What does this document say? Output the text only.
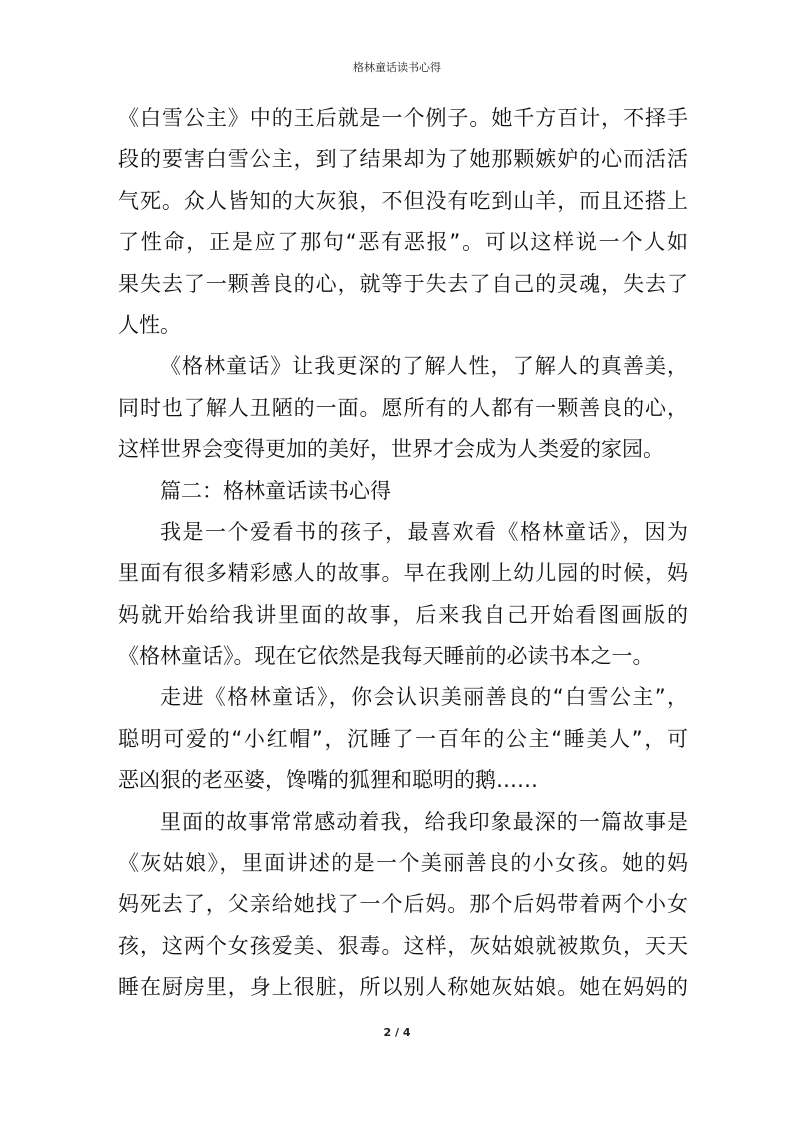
格林童话读书心得
《白雪公主》中的王后就是一个例子。她千方百计，不择手
段的要害白雪公主，到了结果却为了她那颗嫉妒的心而活活
气死。众人皆知的大灰狼，不但没有吃到山羊，而且还搭上
了性命，正是应了那句“恶有恶报”。可以这样说一个人如
果失去了一颗善良的心，就等于失去了自己的灵魂，失去了
人性。
《格林童话》让我更深的了解人性，了解人的真善美，
同时也了解人丑陋的一面。愿所有的人都有一颗善良的心，
这样世界会变得更加的美好，世界才会成为人类爱的家园。
篇二：格林童话读书心得
我是一个爱看书的孩子，最喜欢看《格林童话》，因为
里面有很多精彩感人的故事。早在我刚上幼儿园的时候，妈
妈就开始给我讲里面的故事，后来我自己开始看图画版的
《格林童话》。现在它依然是我每天睡前的必读书本之一。
走进《格林童话》，你会认识美丽善良的“白雪公主”，
聪明可爱的“小红帽”，沉睡了一百年的公主“睡美人”，可
恶凶狠的老巫婆，馋嘴的狐狸和聪明的鹅……
里面的故事常常感动着我，给我印象最深的一篇故事是
《灰姑娘》，里面讲述的是一个美丽善良的小女孩。她的妈
妈死去了，父亲给她找了一个后妈。那个后妈带着两个小女
孩，这两个女孩爱美、狠毒。这样，灰姑娘就被欺负，天天
睡在厨房里，身上很脏，所以别人称她灰姑娘。她在妈妈的
2 / 4
